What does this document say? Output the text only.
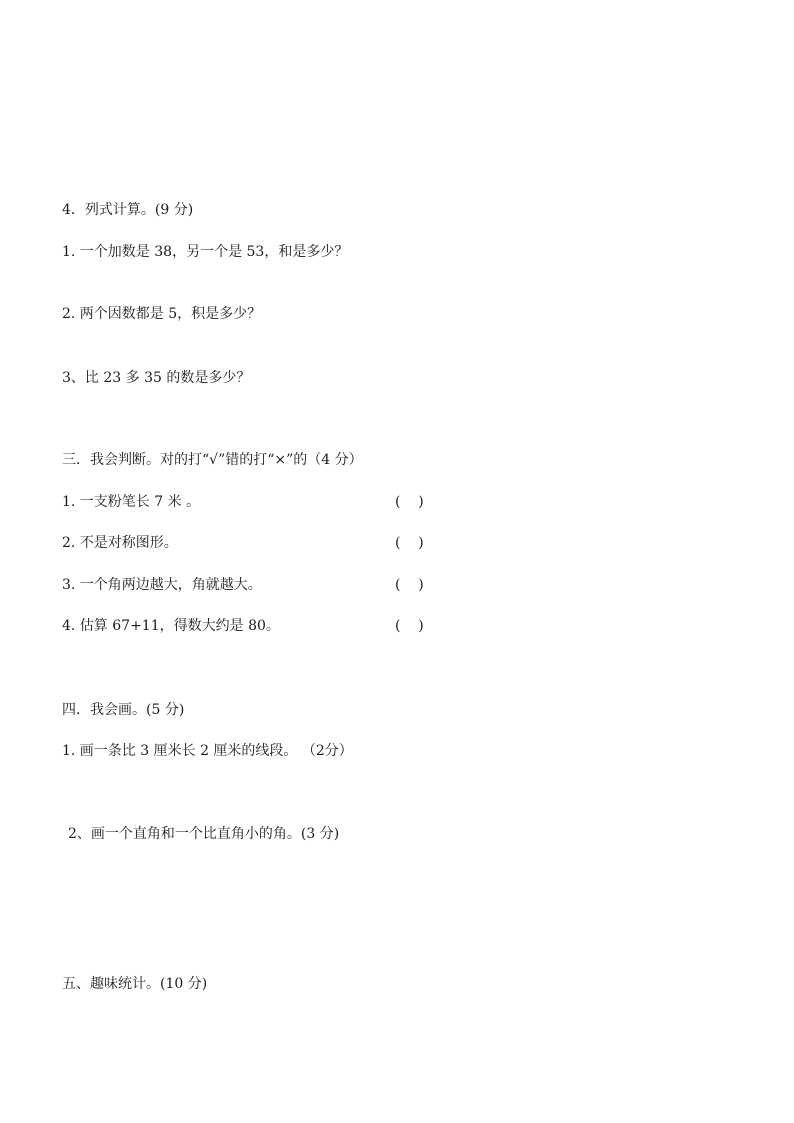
4．列式计算。(9 分)
1. 一个加数是 38，另一个是 53，和是多少？
2. 两个因数都是 5，积是多少？
3、比 23 多 35 的数是多少？
三．我会判断。对的打“√”错的打“×”的（4 分）
1. 一支粉笔长 7 米 。	(    )
2. 不是对称图形。	(    )
3. 一个角两边越大，角就越大。	(    )
4. 估算 67+11，得数大约是 80。	(    )
四．我会画。(5 分)
1. 画一条比 3 厘米长 2 厘米的线段。 （2分）
2、画一个直角和一个比直角小的角。(3 分)
五、趣味统计。(10 分)
